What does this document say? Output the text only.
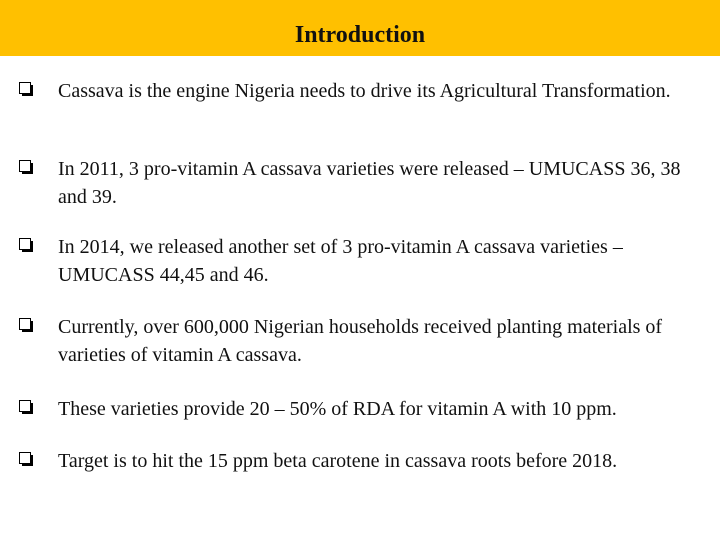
Introduction
Cassava is the engine Nigeria needs to drive its Agricultural Transformation.
In 2011, 3 pro-vitamin A cassava varieties were released – UMUCASS 36, 38 and 39.
In 2014, we released another set of 3 pro-vitamin A cassava varieties – UMUCASS 44,45 and 46.
Currently, over 600,000 Nigerian households received planting materials of varieties of vitamin A cassava.
These varieties provide 20 – 50% of RDA for vitamin A with 10 ppm.
Target is to hit the 15 ppm beta carotene in cassava roots before 2018.
